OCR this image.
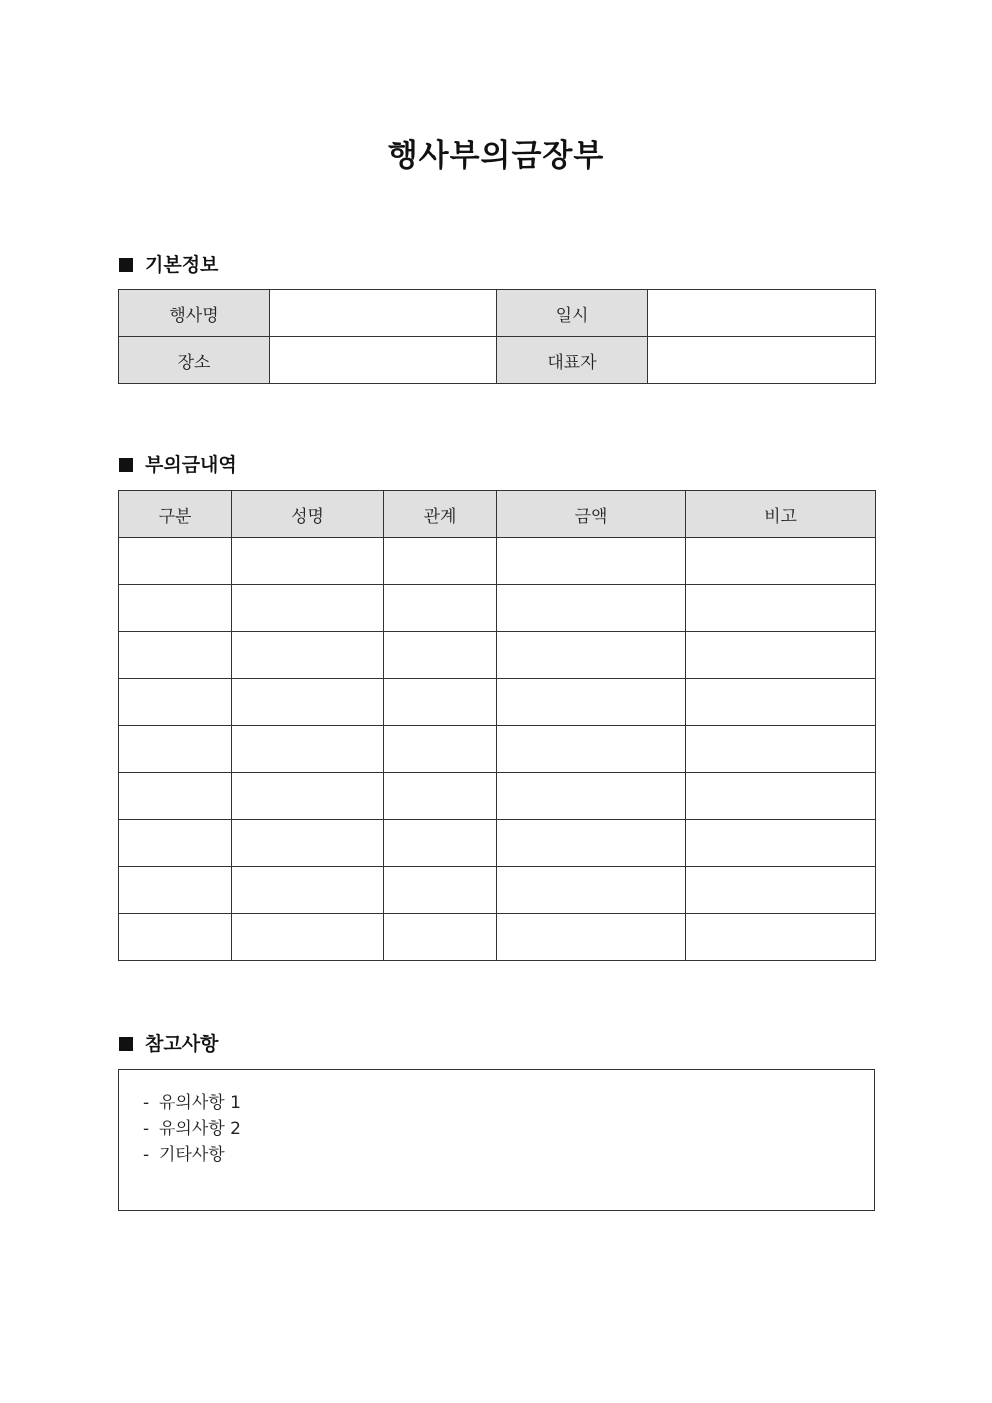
행사부의금장부
기본정보
행사명		일시	
장소		대표자	
부의금내역
구분	성명	관계	금액	비고

참고사항
- 유의사항 1
- 유의사항 2
- 기타사항
